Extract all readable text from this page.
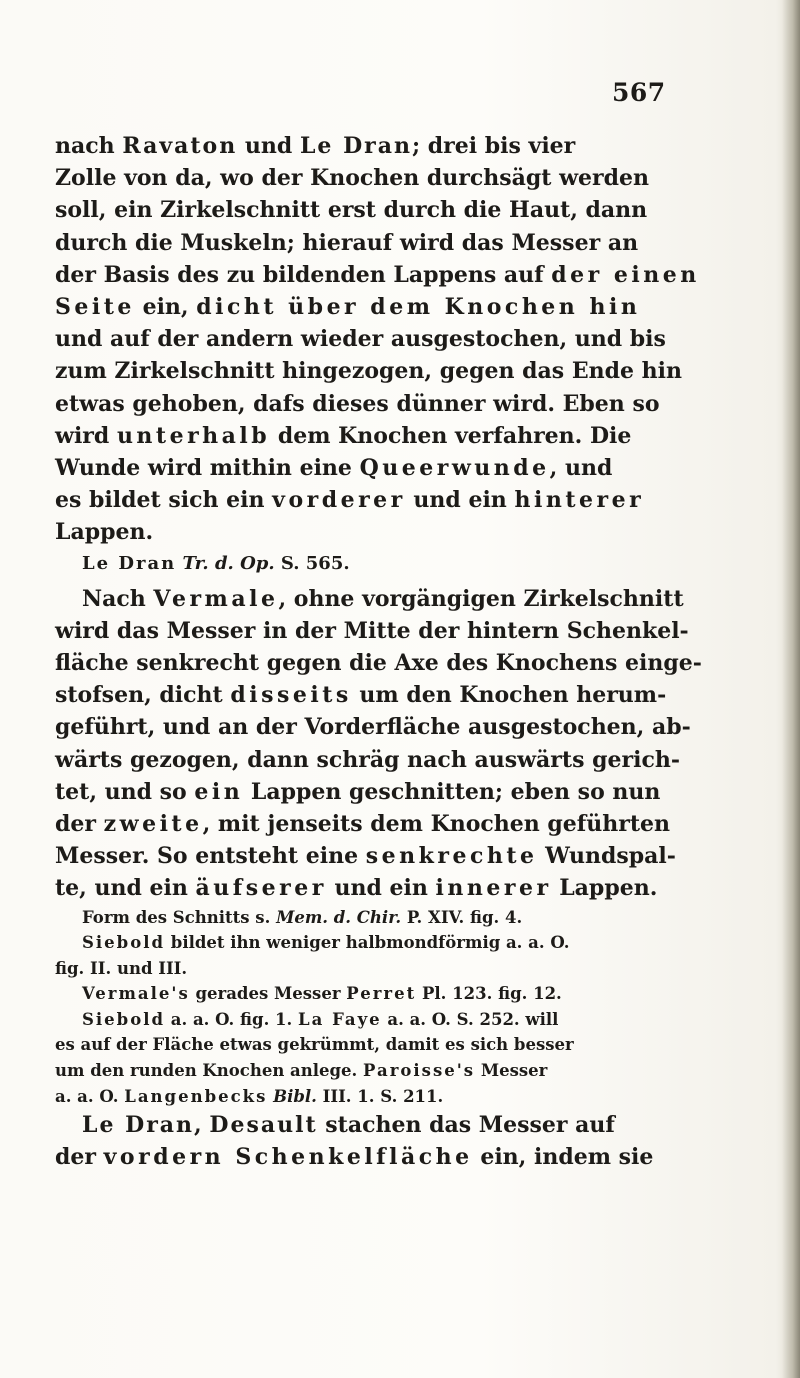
567
nach Ravaton und Le Dran; drei bis vier
Zolle von da, wo der Knochen durchsägt werden
soll, ein Zirkelschnitt erst durch die Haut, dann
durch die Muskeln; hierauf wird das Messer an
der Basis des zu bildenden Lappens auf der einen
Seite ein, dicht über dem Knochen hin
und auf der andern wieder ausgestochen, und bis
zum Zirkelschnitt hingezogen, gegen das Ende hin
etwas gehoben, dafs dieses dünner wird. Eben so
wird unterhalb dem Knochen verfahren. Die
Wunde wird mithin eine Queerwunde, und
es bildet sich ein vorderer und ein hinterer
Lappen.
Le Dran Tr. d. Op. S. 565.
Nach Vermale, ohne vorgängigen Zirkelschnitt
wird das Messer in der Mitte der hintern Schenkel-
fläche senkrecht gegen die Axe des Knochens einge-
stofsen, dicht disseits um den Knochen herum-
geführt, und an der Vorderfläche ausgestochen, ab-
wärts gezogen, dann schräg nach auswärts gerich-
tet, und so ein Lappen geschnitten; eben so nun
der zweite, mit jenseits dem Knochen geführten
Messer. So entsteht eine senkrechte Wundspal-
te, und ein äufserer und ein innerer Lappen.
Form des Schnitts s. Mem. d. Chir. P. XIV. fig. 4.
Siebold bildet ihn weniger halbmondförmig a. a. O.
fig. II. und III.
Vermale's gerades Messer Perret Pl. 123. fig. 12.
Siebold a. a. O. fig. 1. La Faye a. a. O. S. 252. will
es auf der Fläche etwas gekrümmt, damit es sich besser
um den runden Knochen anlege. Paroisse's Messer
a. a. O. Langenbecks Bibl. III. 1. S. 211.
Le Dran, Desault stachen das Messer auf
der vordern Schenkelfläche ein, indem sie
